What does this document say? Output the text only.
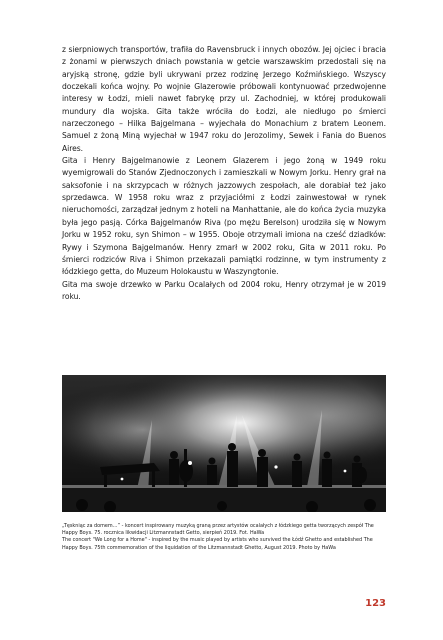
z sierpniowych transportów, trafiła do Ravensbruck i innych obozów. Jej ojciec i bracia z żonami w pierwszych dniach powstania w getcie warszawskim przedostali się na aryjską stronę, gdzie byli ukrywani przez rodzinę Jerzego Koźmińskiego. Wszyscy doczekali końca wojny. Po wojnie Glazerowie próbowali kontynuować przedwojenne interesy w Łodzi, mieli nawet fabrykę przy ul. Zachodniej, w której produkowali mundury dla wojska. Gita także wróciła do Łodzi, ale niedługo po śmierci narzeczonego – Hilka Bajgelmana – wyjechała do Monachium z bratem Leonem. Samuel z żoną Miną wyjechał w 1947 roku do Jerozolimy, Sewek i Fania do Buenos Aires.

Gita i Henry Bajgelmanowie z Leonem Glazerem i jego żoną w 1949 roku wyemigrowali do Stanów Zjednoczonych i zamieszkali w Nowym Jorku. Henry grał na saksofonie i na skrzypcach w różnych jazzowych zespołach, ale dorabiał też jako sprzedawca. W 1958 roku wraz z przyjaciółmi z Łodzi zainwestował w rynek nieruchomości, zarządzał jednym z hoteli na Manhattanie, ale do końca życia muzyka była jego pasją. Córka Bajgelmanów Riva (po mężu Berelson) urodziła się w Nowym Jorku w 1952 roku, syn Shimon – w 1955. Oboje otrzymali imiona na cześć dziadków: Rywy i Szymona Bajgelmanów. Henry zmarł w 2002 roku, Gita w 2011 roku. Po śmierci rodziców Riva i Shimon przekazali pamiątki rodzinne, w tym instrumenty z łódzkiego getta, do Muzeum Holokaustu w Waszyngtonie.

Gita ma swoje drzewko w Parku Ocalałych od 2004 roku, Henry otrzymał je w 2019 roku.

„Tęskniąc za domem…” - koncert inspirowany muzyką graną przez artystów ocalałych z łódzkiego getta tworzących zespół The Happy Boys. 75. rocznica likwidacji Litzmannstadt Getto, sierpień 2019. Fot. HaWa

The concert "We Long for a Home" - inspired by the music played by artists who survived the Łódź Ghetto and established The Happy Boys. 75th commemoration of the liquidation of the Litzmannstadt Ghetto, August 2019. Photo by HaWa

123
